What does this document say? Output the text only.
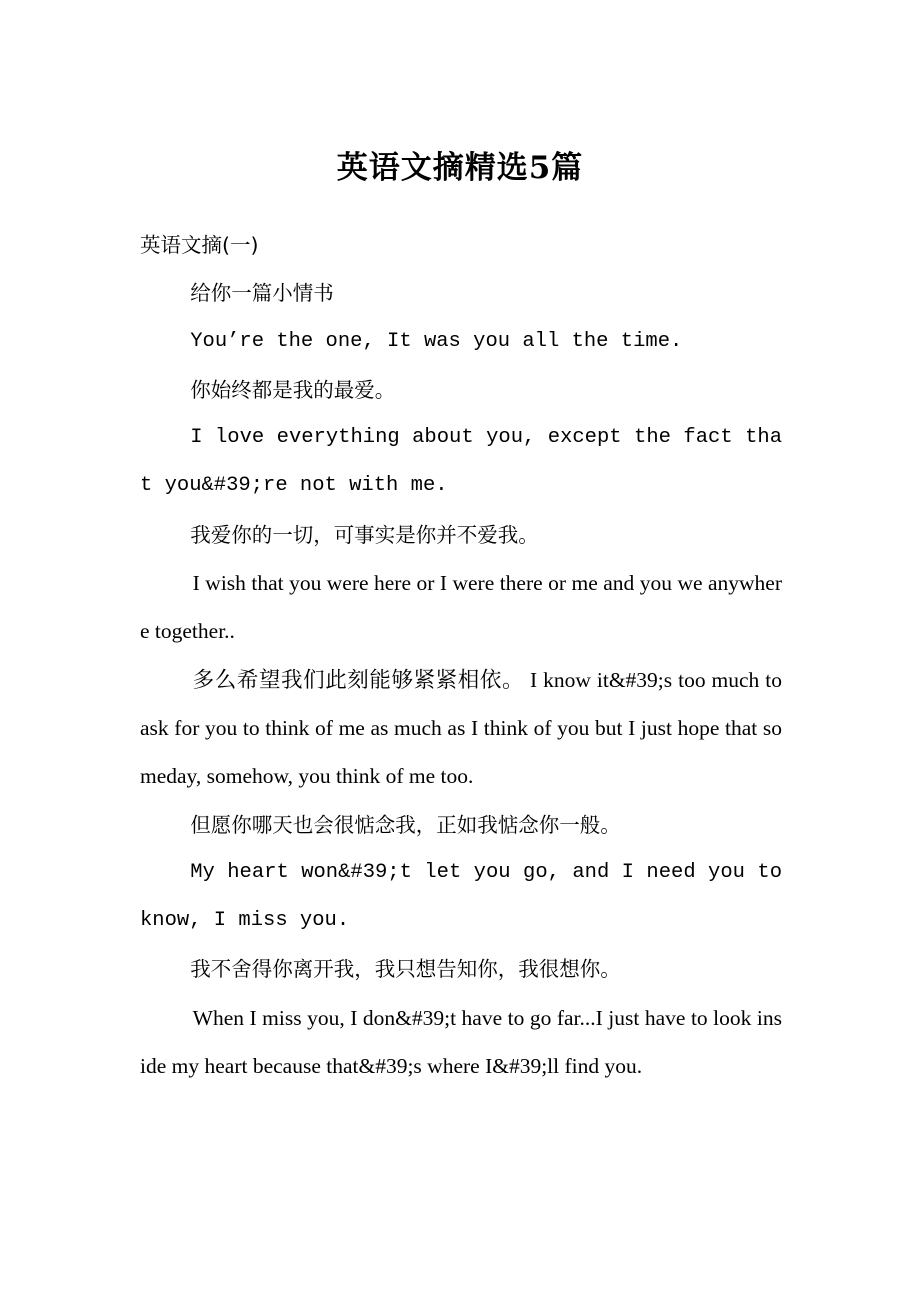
英语文摘精选5篇

英语文摘(一)

给你一篇小情书

You’re the one, It was you all the time.

你始终都是我的最爱。

I love everything about you, except the fact that you&#39;re not with me.

我爱你的一切，可事实是你并不爱我。

I wish that you were here or I were there or me and you we anywhere together..

多么希望我们此刻能够紧紧相依。 I know it&#39;s too much to ask for you to think of me as much as I think of you but I just hope that someday, somehow, you think of me too.

但愿你哪天也会很惦念我，正如我惦念你一般。

My heart won&#39;t let you go, and I need you to know, I miss you.

我不舍得你离开我，我只想告知你，我很想你。

When I miss you, I don&#39;t have to go far...I just have to look inside my heart because that&#39;s where I&#39;ll find you.
